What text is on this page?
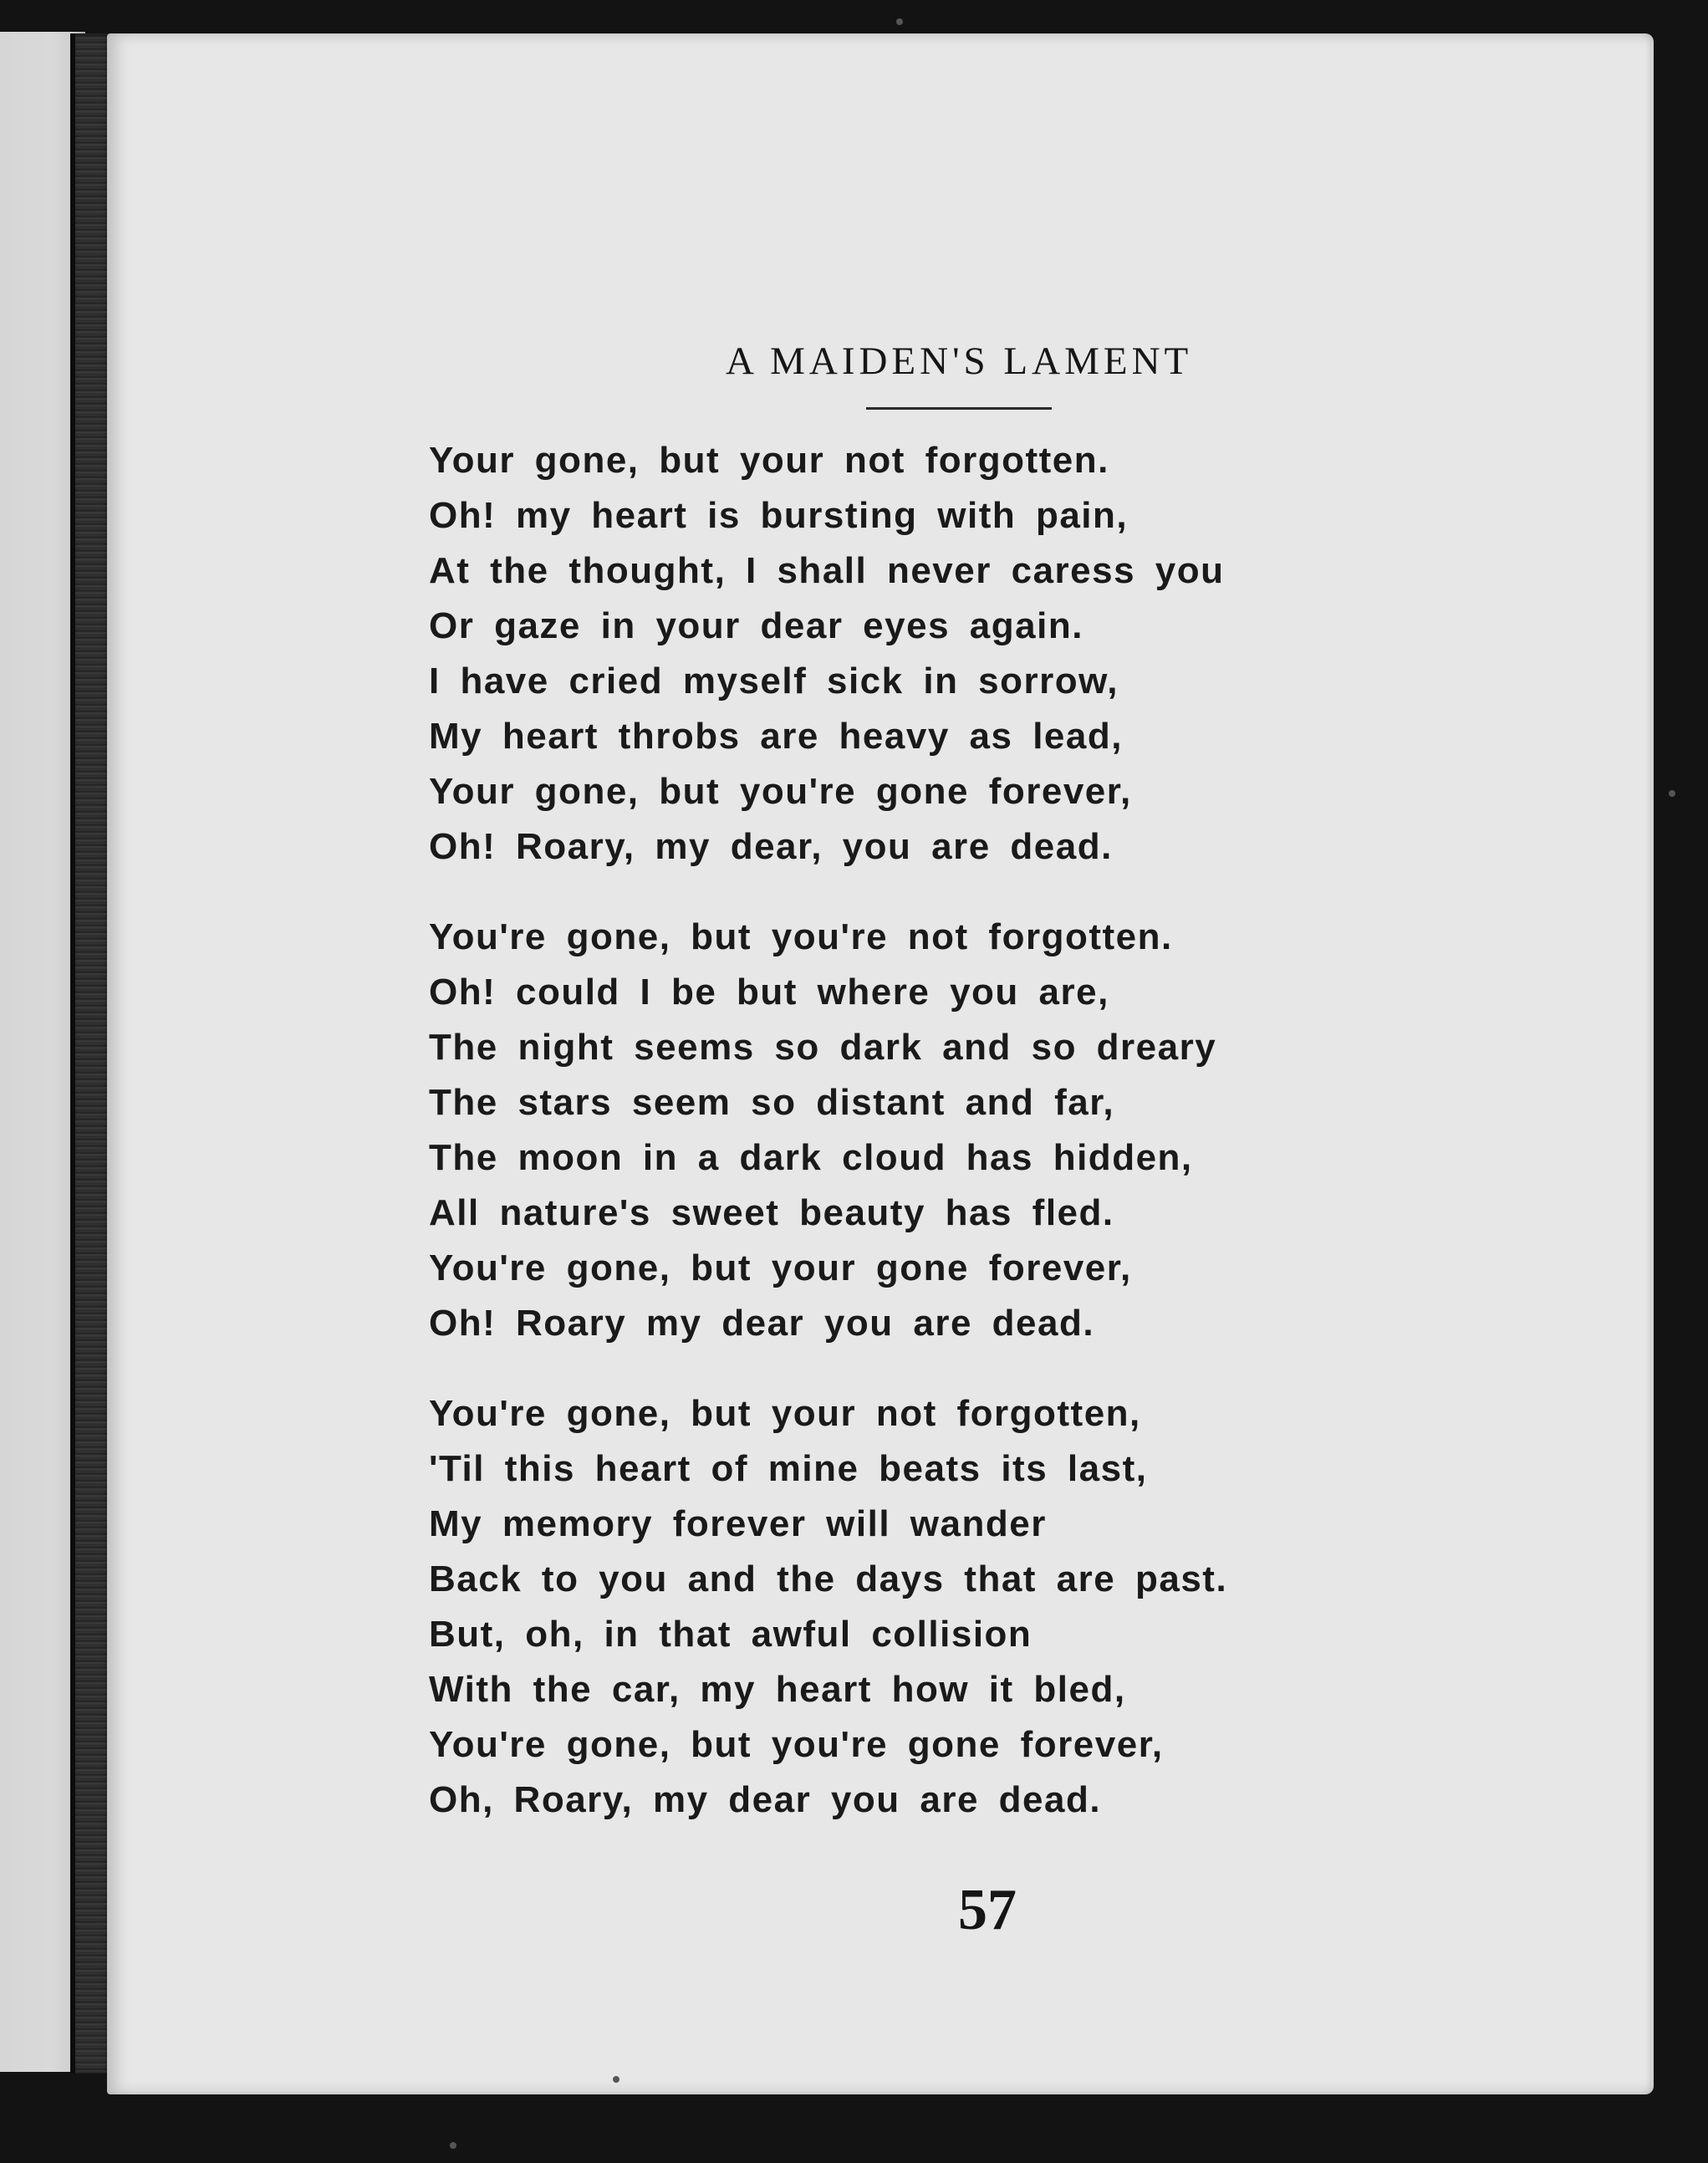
A MAIDEN'S LAMENT
Your gone, but your not forgotten.
Oh! my heart is bursting with pain,
At the thought, I shall never caress you
Or gaze in your dear eyes again.
I have cried myself sick in sorrow,
My heart throbs are heavy as lead,
Your gone, but you're gone forever,
Oh! Roary, my dear, you are dead.
You're gone, but you're not forgotten.
Oh! could I be but where you are,
The night seems so dark and so dreary
The stars seem so distant and far,
The moon in a dark cloud has hidden,
All nature's sweet beauty has fled.
You're gone, but your gone forever,
Oh! Roary my dear you are dead.
You're gone, but your not forgotten,
'Til this heart of mine beats its last,
My memory forever will wander
Back to you and the days that are past.
But, oh, in that awful collision
With the car, my heart how it bled,
You're gone, but you're gone forever,
Oh, Roary, my dear you are dead.
57
